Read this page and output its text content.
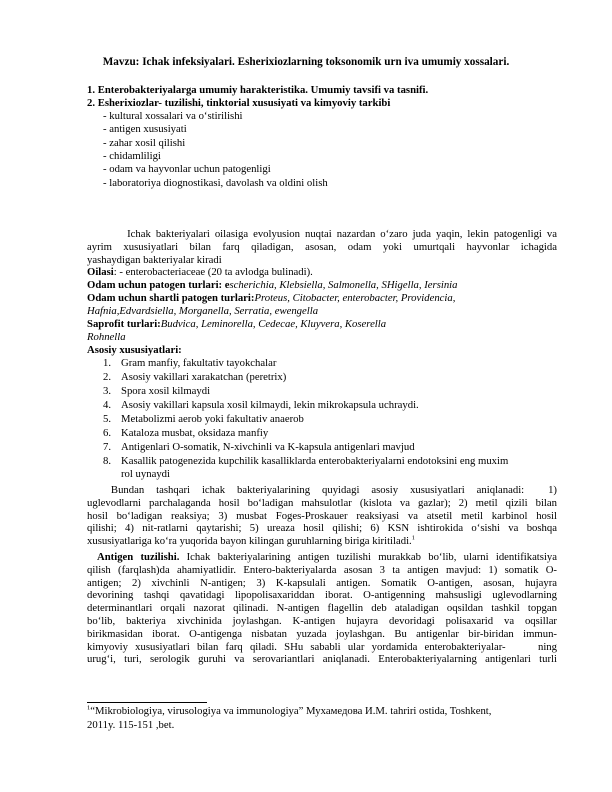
Mavzu: Ichak infeksiyalari. Esherixiozlarning toksonomik urn iva umumiy xossalari.
1. Enterobakteriyalarga umumiy harakteristika. Umumiy tavsifi va tasnifi.
2. Esherixiozlar- tuzilishi, tinktorial xususiyati va kimyoviy tarkibi
- kultural xossalari va o‘stirilishi
- antigen xususiyati
- zahar xosil qilishi
- chidamliligi
- odam va hayvonlar uchun patogenligi
- laboratoriya diognostikasi, davolash va oldini olish

Ichak bakteriyalari oilasiga evolyusion nuqtai nazardan o‘zaro juda yaqin, lekin patogenligi va

ayrim xususiyatlari bilan farq qiladigan, asosan, odam yoki umurtqali hayvonlar ichagida

yashaydigan bakteriyalar kiradi

Oilasi: - enterobacteriaceae (20 ta avlodga bulinadi).
Odam uchun patogen turlari: escherichia, Klebsiella, Salmonella, SHigella, Iersinia
Odam uchun shartli patogen turlari:Proteus, Citobacter, enterobacter, Providencia,
Hafnia,Edvardsiella, Morganella, Serratia, ewengella
Saprofit turlari:Budvica, Leminorella, Cedecae, Kluyvera, Koserella
Rohnella
Asosiy xususiyatlari:
1. Gram manfiy, fakultativ tayokchalar
2. Asosiy vakillari xarakatchan (peretrix)
3. Spora xosil kilmaydi
4. Asosiy vakillari kapsula xosil kilmaydi, lekin mikrokapsula uchraydi.
5. Metabolizmi aerob yoki fakultativ anaerob
6. Kataloza musbat, oksidaza manfiy
7. Antigenlari O-somatik, N-xivchinli va K-kapsula antigenlari mavjud
8. Kasallik patogenezida kupchilik kasalliklarda enterobakteriyalarni endotoksini eng muxim
rol uynaydi

Bundan  tashqari  ichak  bakteriyalarining  quyidagi  asosiy  xususiyatlari  aniqlanadi:    1)

uglevodlarni parchalaganda hosil bo‘ladigan mahsulotlar (kislota va gazlar); 2) metil qizili bilan

hosil bo‘ladigan reaksiya; 3) musbat Foges-Proskauer reaksiyasi va atsetil metil karbinol hosil

qilishi; 4) nit-ratlarni qaytarishi; 5) ureaza hosil qilishi; 6) KSN ishtirokida o‘sishi va boshqa

xususiyatlariga ko‘ra yuqorida bayon kilingan guruhlarning biriga kiritiladi.$^1$

Antigen tuzilishi. Ichak bakteriyalarining antigen tuzilishi murakkab bo‘lib, ularni identifikatsiya

qilish (farqlash)da ahamiyatlidir. Entero-bakteriyalarda asosan 3 ta antigen mavjud: 1) somatik O-

antigen; 2) xivchinli N-antigen; 3) K-kapsulali antigen. Somatik O-antigen, asosan, hujayra

devorining tashqi qavatidagi lipopolisaxariddan iborat. O-antigenning mahsusligi uglevodlarning

determinantlari orqali nazorat qilinadi. N-antigen flagellin deb ataladigan oqsildan tashkil topgan

bo‘lib, bakteriya xivchinida joylashgan. K-antigen hujayra devoridagi polisaxarid va oqsillar

birikmasidan iborat. O-antigenga nisbatan yuzada joylashgan. Bu antigenlar bir-biridan immun-

kimyoviy  xususiyatlari  bilan  farq  qiladi.  SHu  sababli  ular  yordamida  enterobakteriyalar-         ning

urug‘i, turi, serologik guruhi va serovariantlari aniqlanadi. Enterobakteriyalarning antigenlari turli

$^1$“Mikrobiologiya, virusologiya va immunologiya” Мухамедова И.М. tahriri ostida, Toshkent,
2011y. 115-151 ,bet.
